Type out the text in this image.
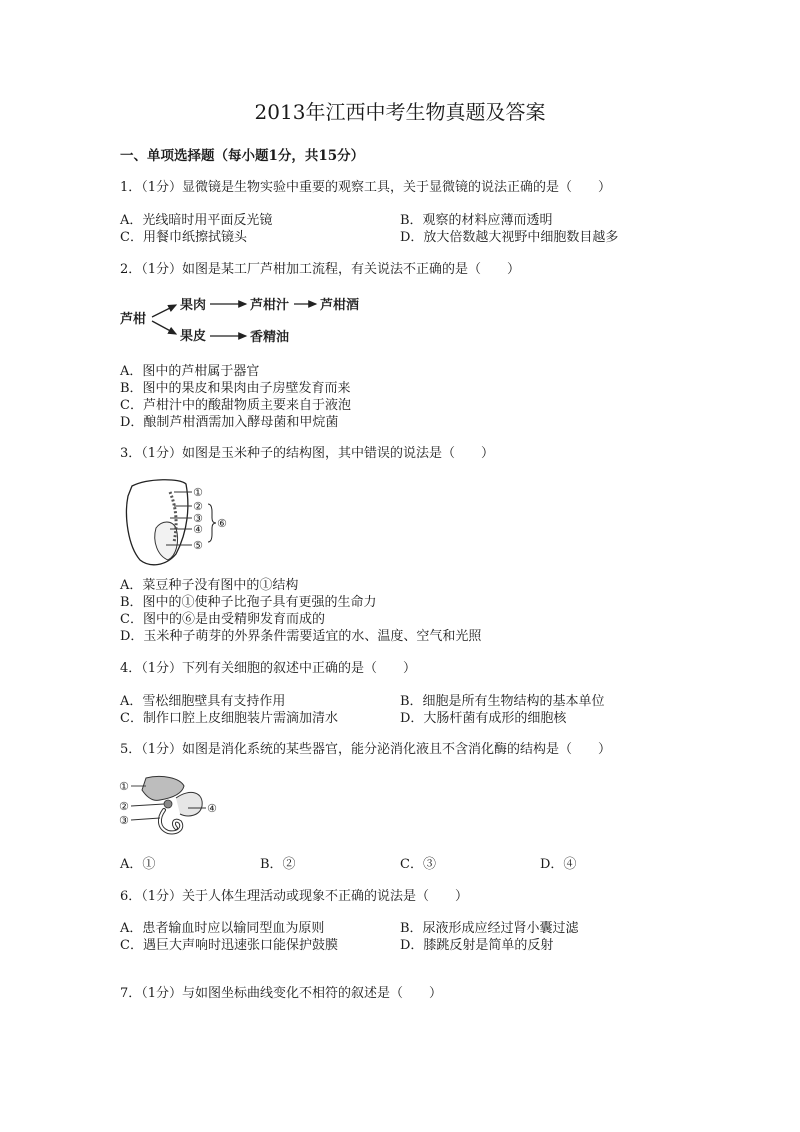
2013年江西中考生物真题及答案
一、单项选择题（每小题1分，共15分）
1．（1分）显微镜是生物实验中重要的观察工具，关于显微镜的说法正确的是（　　）
A．光线暗时用平面反光镜	B．观察的材料应薄而透明
C．用餐巾纸擦拭镜头	D．放大倍数越大视野中细胞数目越多
2．（1分）如图是某工厂芦柑加工流程，有关说法不正确的是（　　）
芦柑
果肉	芦柑汁 芦柑酒
果皮	香精油
A．图中的芦柑属于器官
B．图中的果皮和果肉由子房壁发育而来
C．芦柑汁中的酸甜物质主要来自于液泡
D．酿制芦柑酒需加入酵母菌和甲烷菌
3．（1分）如图是玉米种子的结构图，其中错误的说法是（　　）
①
②
③
④
⑤
⑥
A．菜豆种子没有图中的①结构
B．图中的①使种子比孢子具有更强的生命力
C．图中的⑥是由受精卵发育而成的
D．玉米种子萌芽的外界条件需要适宜的水、温度、空气和光照
4．（1分）下列有关细胞的叙述中正确的是（　　）
A．雪松细胞壁具有支持作用	B．细胞是所有生物结构的基本单位
C．制作口腔上皮细胞装片需滴加清水	D．大肠杆菌有成形的细胞核
5．（1分）如图是消化系统的某些器官，能分泌消化液且不含消化酶的结构是（　　）
①
②
③
④
A．①	B．②	C．③	D．④
6．（1分）关于人体生理活动或现象不正确的说法是（　　）
A．患者输血时应以输同型血为原则	B．尿液形成应经过肾小囊过滤
C．遇巨大声响时迅速张口能保护鼓膜	D．膝跳反射是简单的反射
7．（1分）与如图坐标曲线变化不相符的叙述是（　　）
